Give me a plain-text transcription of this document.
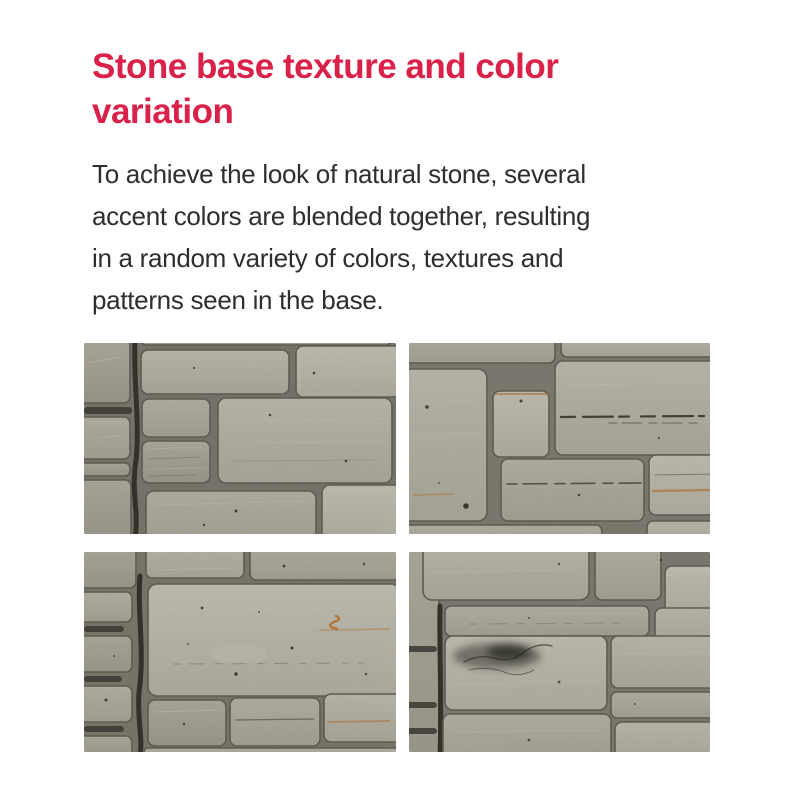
Stone base texture and color
variation

To achieve the look of natural stone, several
accent colors are blended together, resulting
in a random variety of colors, textures and
patterns seen in the base.
